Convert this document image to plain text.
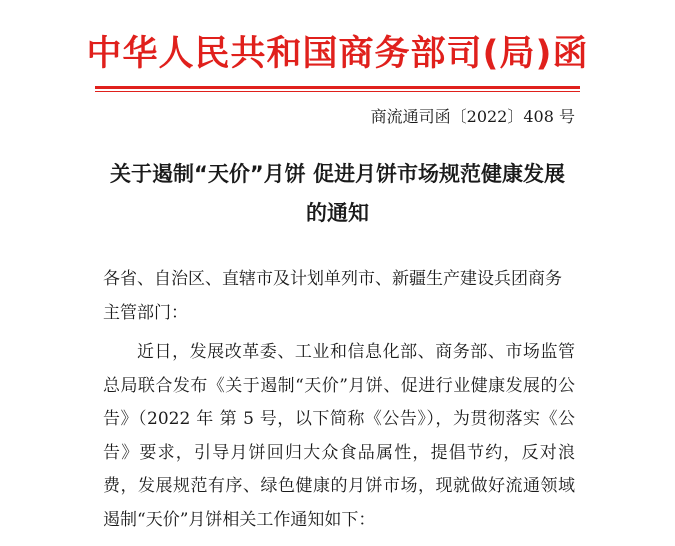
中华人民共和国商务部司(局)函
商流通司函〔2022〕408 号
关于遏制“天价”月饼 促进月饼市场规范健康发展
的通知

各省、自治区、直辖市及计划单列市、新疆生产建设兵团商务主管部门：

近日，发展改革委、工业和信息化部、商务部、市场监管总局联合发布《关于遏制“天价”月饼、促进行业健康发展的公告》（2022 年 第 5 号，以下简称《公告》），为贯彻落实《公告》要求，引导月饼回归大众食品属性，提倡节约，反对浪费，发展规范有序、绿色健康的月饼市场，现就做好流通领域遏制“天价”月饼相关工作通知如下：
